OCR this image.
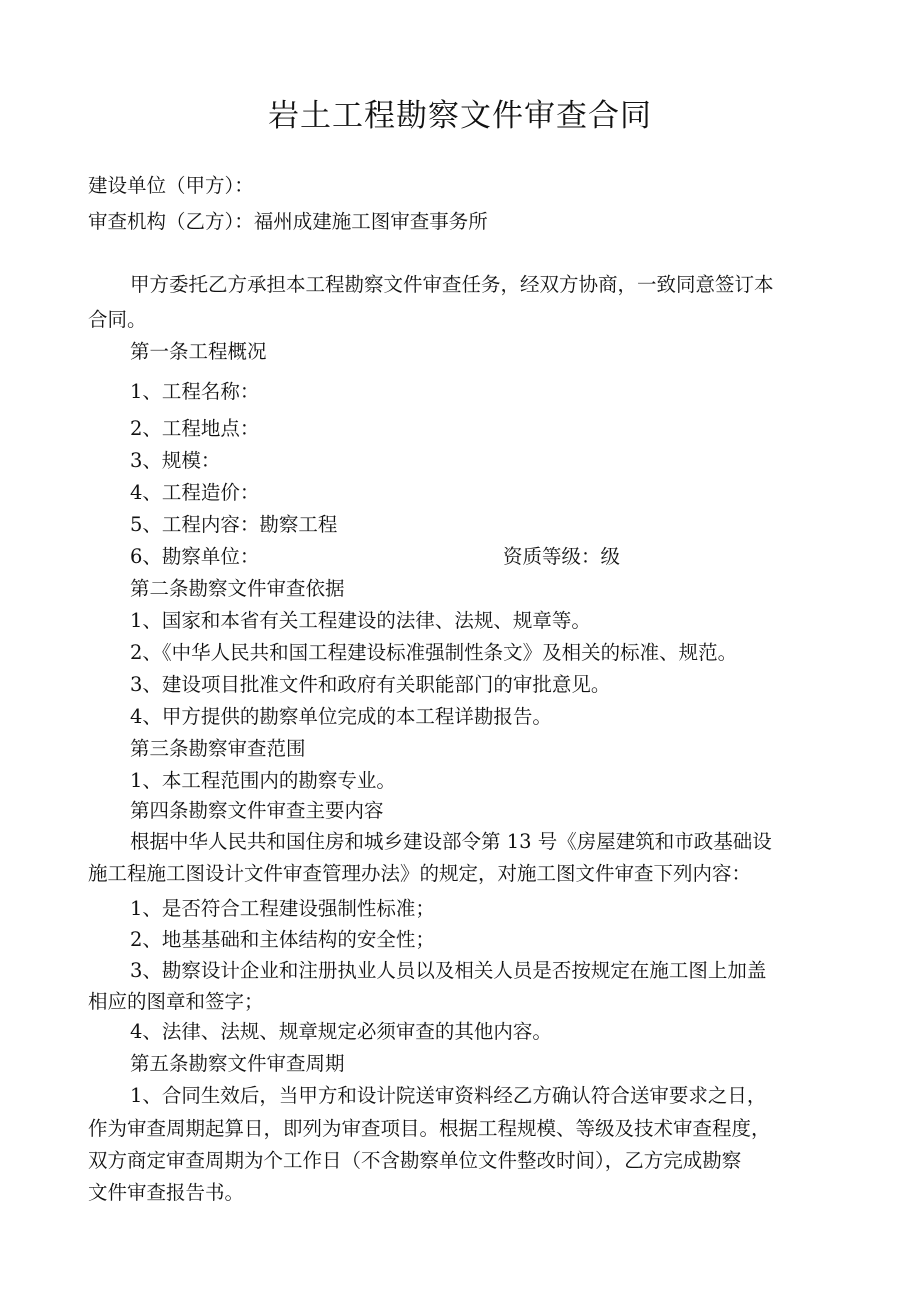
岩土工程勘察文件审查合同
建设单位（甲方）：
审查机构（乙方）：福州成建施工图审查事务所
甲方委托乙方承担本工程勘察文件审查任务，经双方协商，一致同意签订本
合同。
第一条工程概况
1、工程名称：
2、工程地点：
3、规模：
4、工程造价：
5、工程内容：勘察工程
6、勘察单位：	资质等级：级
第二条勘察文件审查依据
1、国家和本省有关工程建设的法律、法规、规章等。
2、《中华人民共和国工程建设标准强制性条文》及相关的标准、规范。
3、建设项目批准文件和政府有关职能部门的审批意见。
4、甲方提供的勘察单位完成的本工程详勘报告。
第三条勘察审查范围
1、本工程范围内的勘察专业。
第四条勘察文件审查主要内容
根据中华人民共和国住房和城乡建设部令第 13 号《房屋建筑和市政基础设
施工程施工图设计文件审查管理办法》的规定，对施工图文件审查下列内容：
1、是否符合工程建设强制性标准；
2、地基基础和主体结构的安全性；
3、勘察设计企业和注册执业人员以及相关人员是否按规定在施工图上加盖
相应的图章和签字；
4、法律、法规、规章规定必须审查的其他内容。
第五条勘察文件审查周期
1、合同生效后，当甲方和设计院送审资料经乙方确认符合送审要求之日，
作为审查周期起算日，即列为审查项目。根据工程规模、等级及技术审查程度，
双方商定审查周期为个工作日（不含勘察单位文件整改时间），乙方完成勘察
文件审查报告书。
